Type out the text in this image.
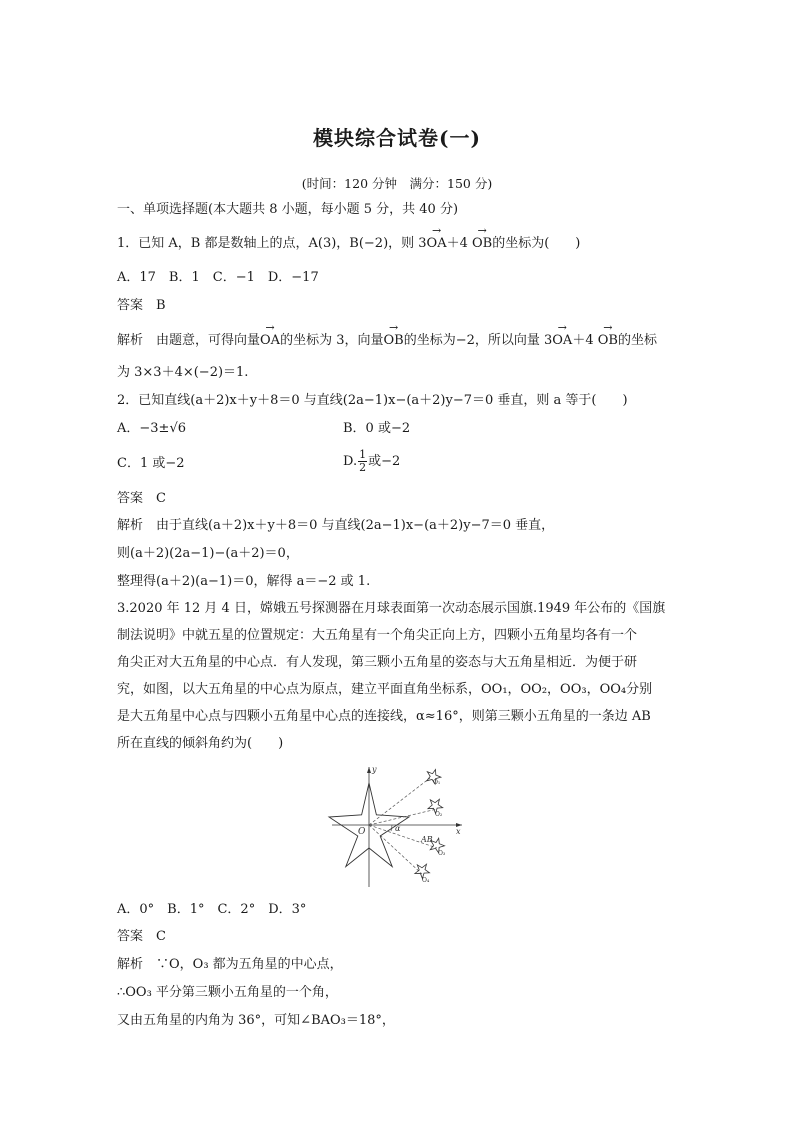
模块综合试卷(一)
(时间：120 分钟　满分：150 分)
一、单项选择题(本大题共 8 小题，每小题 5 分，共 40 分)
1．已知 A，B 都是数轴上的点，A(3)，B(−2)，则 3→ OA＋4 → OB的坐标为(　　)
A．17　B．1　C．−1　D．−17
答案　B
解析　由题意，可得向量→ OA的坐标为 3，向量→ OB的坐标为−2，所以向量 3→ OA＋4 → OB的坐标
为 3×3＋4×(−2)＝1.
2．已知直线(a＋2)x＋y＋8＝0 与直线(2a−1)x−(a＋2)y−7＝0 垂直，则 a 等于(　　)
A．−3±√6	B．0 或−2
C．1 或−2	D. $\frac{1}{2}$ 或−2
答案　C
解析　由于直线(a＋2)x＋y＋8＝0 与直线(2a−1)x−(a＋2)y−7＝0 垂直，
则(a＋2)(2a−1)−(a＋2)＝0，
整理得(a＋2)(a−1)＝0，解得 a＝−2 或 1.
3.2020 年 12 月 4 日，嫦娥五号探测器在月球表面第一次动态展示国旗.1949 年公布的《国旗
制法说明》中就五星的位置规定：大五角星有一个角尖正向上方，四颗小五角星均各有一个
角尖正对大五角星的中心点．有人发现，第三颗小五角星的姿态与大五角星相近．为便于研
究，如图，以大五角星的中心点为原点，建立平面直角坐标系，OO₁，OO₂，OO₃，OO₄分别
是大五角星中心点与四颗小五角星中心点的连接线，α≈16°，则第三颗小五角星的一条边 AB
所在直线的倾斜角约为(　　)
x
y
O	α
O₁
O₂
O₃
O₄
AB
A．0°　B．1°　C．2°　D．3°
答案　C
解析　∵O，O₃ 都为五角星的中心点，
∴OO₃ 平分第三颗小五角星的一个角，
又由五角星的内角为 36°，可知∠BAO₃＝18°，
